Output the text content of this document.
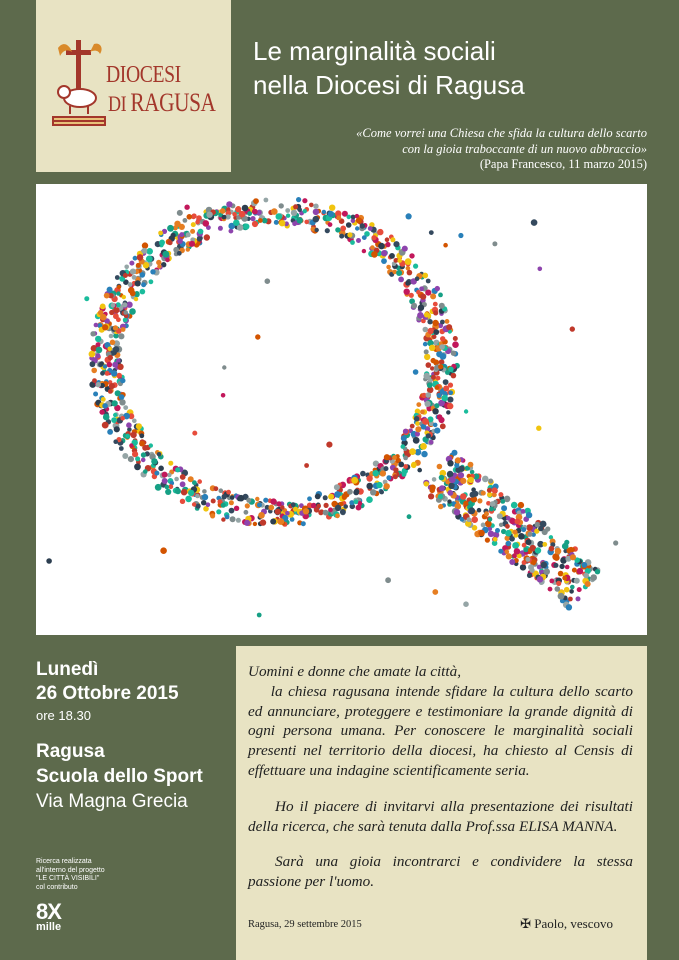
DIOCESI
DI RAGUSA
Le marginalità sociali
nella Diocesi di Ragusa
«Come vorrei una Chiesa che sfida la cultura dello scarto
con la gioia traboccante di un nuovo abbraccio»
(Papa Francesco, 11 marzo 2015)
Lunedì
26 Ottobre 2015
ore 18.30
Ragusa
Scuola dello Sport
Via Magna Grecia
Ricerca realizzata
all'interno del progetto
"LE CITTÀ VISIBILI"
col contributo
8X
mille

Uomini e donne che amate la città,
  la chiesa ragusana intende sfidare la cultura dello scarto ed annunciare, proteggere e testimoniare la grande dignità di ogni persona umana. Per conoscere le marginalità sociali presenti nel territorio della diocesi, ha chiesto al Censis di effettuare una indagine scientificamente seria.

Ho il piacere di invitarvi alla presentazione dei risultati della ricerca, che sarà tenuta dalla Prof.ssa ELISA MANNA.

Sarà una gioia incontrarci e condividere la stessa passione per l'uomo.

Ragusa, 29 settembre 2015	✠ Paolo, vescovo
